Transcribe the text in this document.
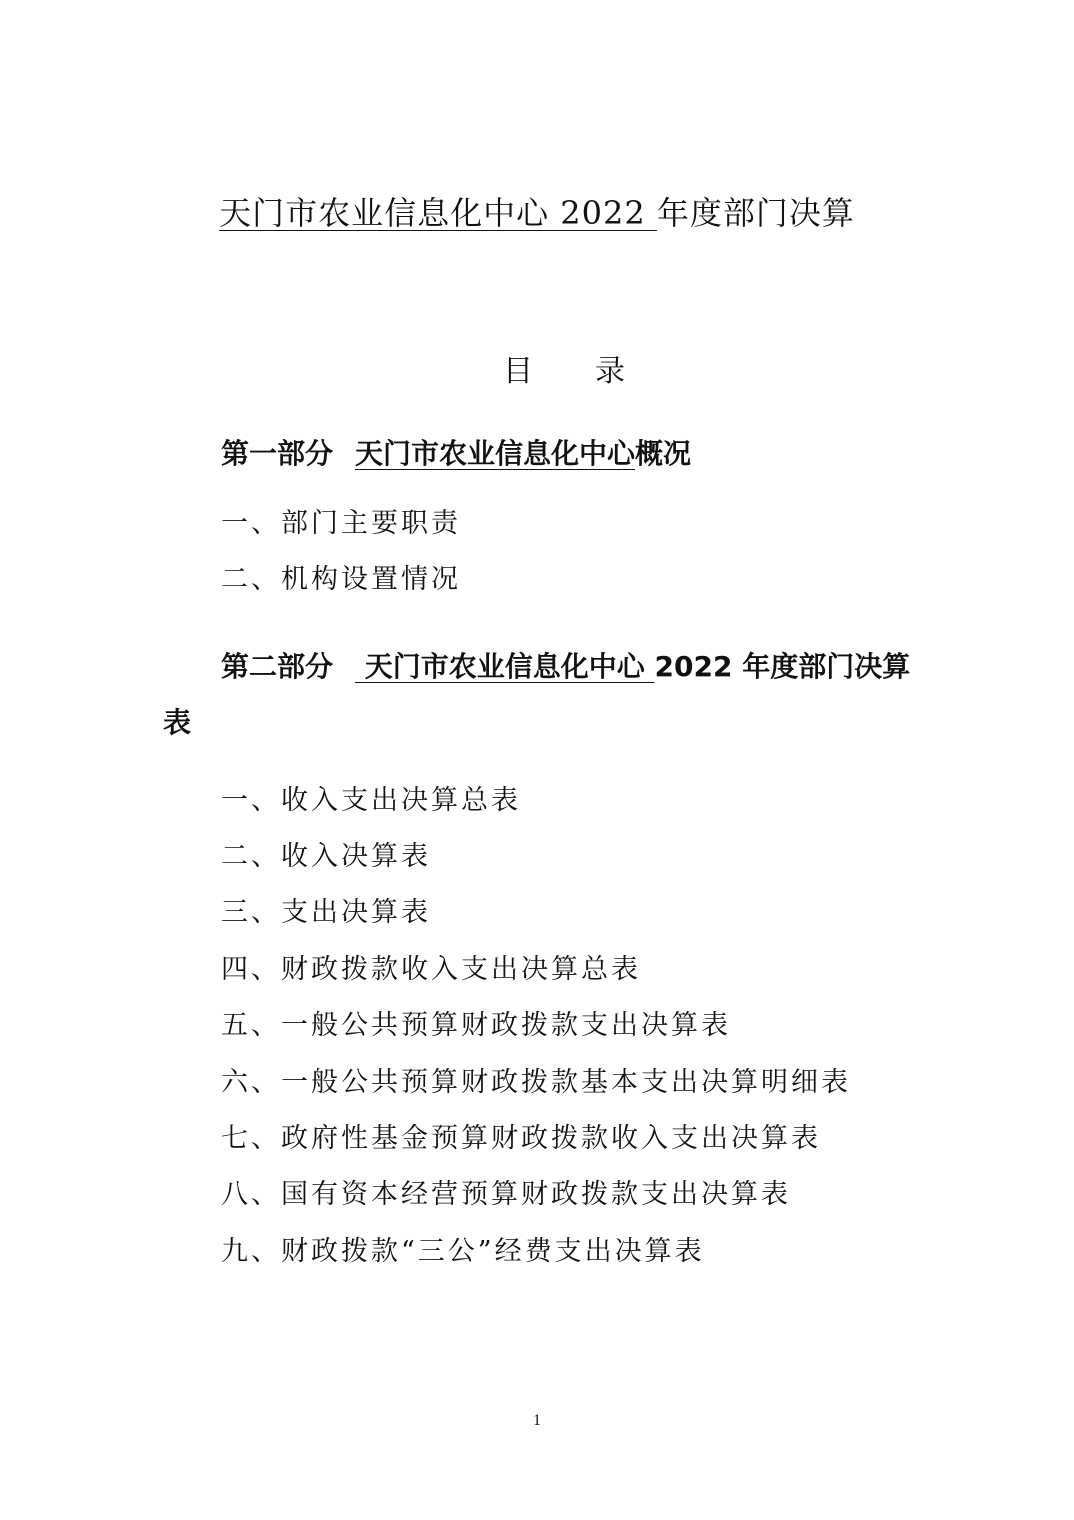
天门市农业信息化中心 2022 年度部门决算
目 录
第一部分 天门市农业信息化中心概况
一、部门主要职责
二、机构设置情况
第二部分 天门市农业信息化中心 2022 年度部门决算
表
一、收入支出决算总表
二、收入决算表
三、支出决算表
四、财政拨款收入支出决算总表
五、一般公共预算财政拨款支出决算表
六、一般公共预算财政拨款基本支出决算明细表
七、政府性基金预算财政拨款收入支出决算表
八、国有资本经营预算财政拨款支出决算表
九、财政拨款“三公”经费支出决算表
1
